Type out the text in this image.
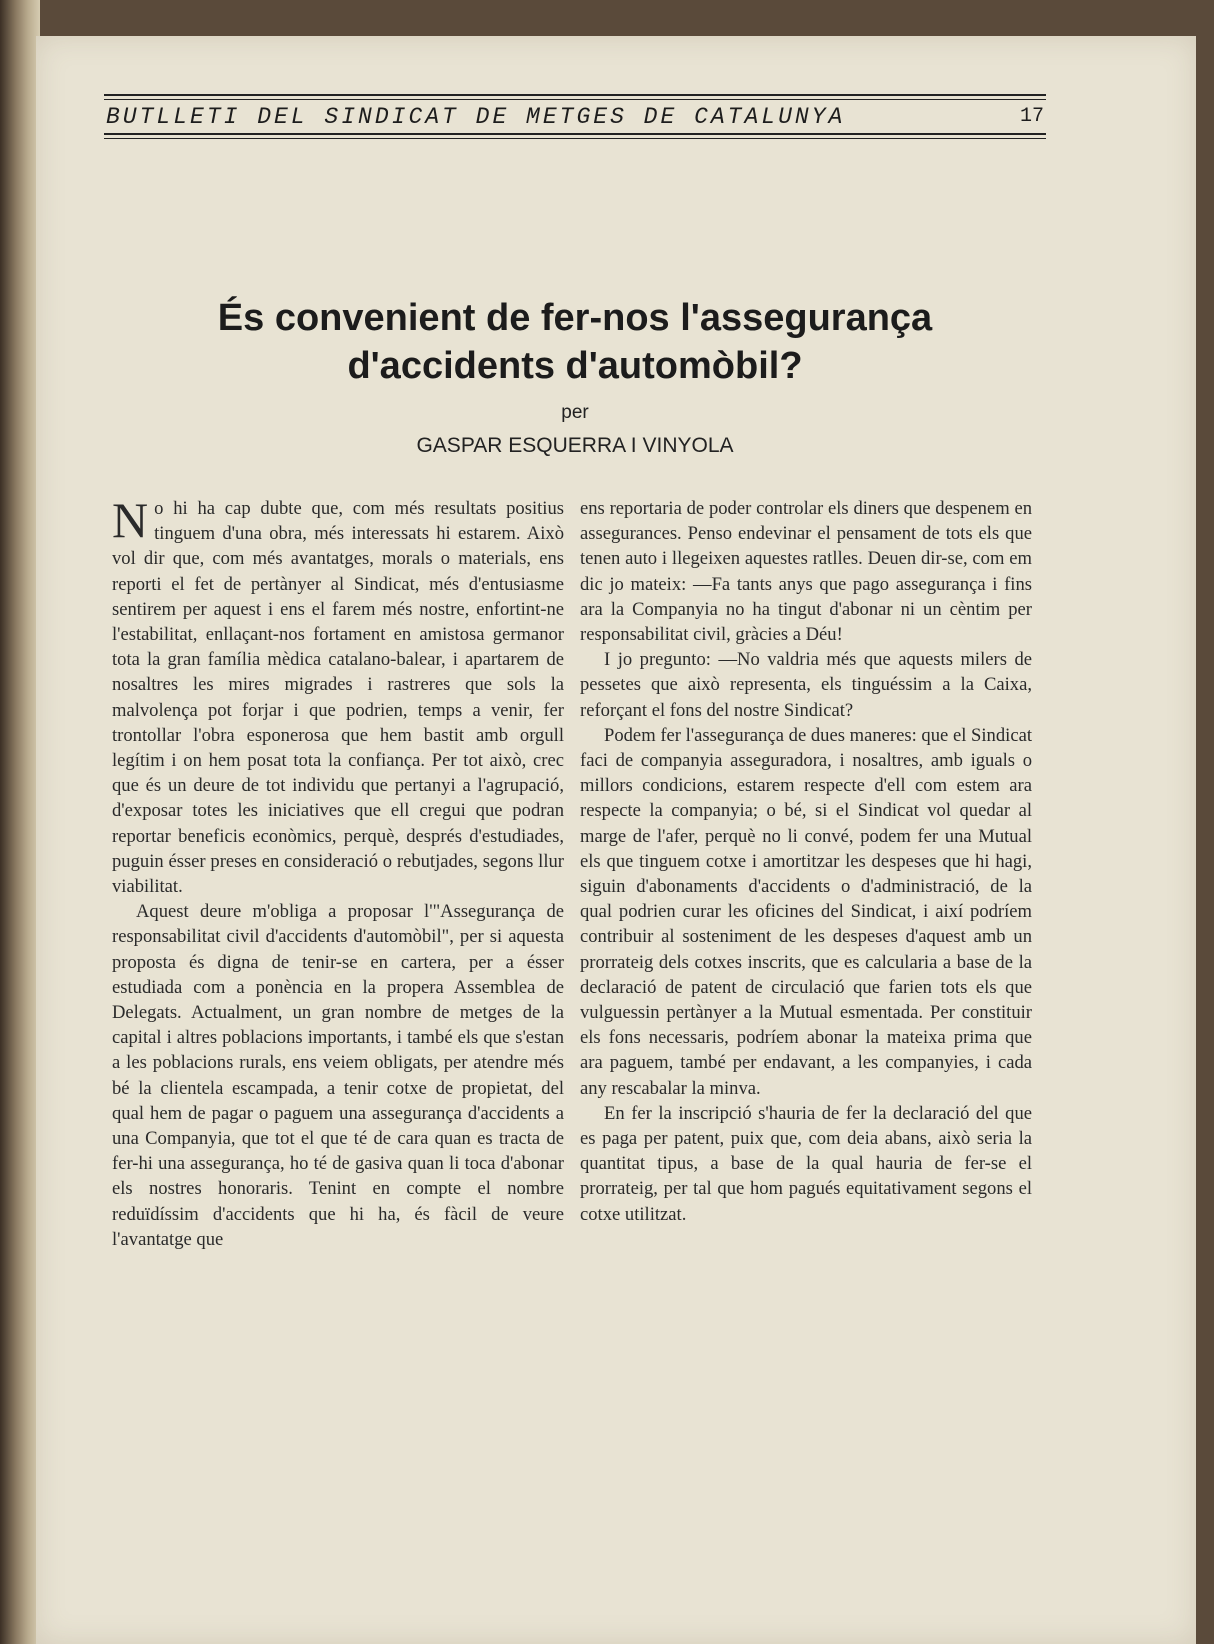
BUTLLETI DEL SINDICAT DE METGES DE CATALUNYA	17
És convenient de fer-nos l'assegurança
d'accidents d'automòbil?
per
GASPAR ESQUERRA I VINYOLA

No hi ha cap dubte que, com més resultats positius tinguem d'una obra, més interessats hi estarem. Això vol dir que, com més avantatges, morals o materials, ens reporti el fet de pertànyer al Sindicat, més d'entusiasme sentirem per aquest i ens el farem més nostre, enfortint-ne l'estabilitat, enllaçant-nos fortament en amistosa germanor tota la gran família mèdica catalano-balear, i apartarem de nosaltres les mires migrades i rastreres que sols la malvolença pot forjar i que podrien, temps a venir, fer trontollar l'obra esponerosa que hem bastit amb orgull legítim i on hem posat tota la confiança. Per tot això, crec que és un deure de tot individu que pertanyi a l'agrupació, d'exposar totes les iniciatives que ell cregui que podran reportar beneficis econòmics, perquè, després d'estudiades, puguin ésser preses en consideració o rebutjades, segons llur viabilitat.

Aquest deure m'obliga a proposar l'"Assegurança de responsabilitat civil d'accidents d'automòbil", per si aquesta proposta és digna de tenir-se en cartera, per a ésser estudiada com a ponència en la propera Assemblea de Delegats. Actualment, un gran nombre de metges de la capital i altres poblacions importants, i també els que s'estan a les poblacions rurals, ens veiem obligats, per atendre més bé la clientela escampada, a tenir cotxe de propietat, del qual hem de pagar o paguem una assegurança d'accidents a una Companyia, que tot el que té de cara quan es tracta de fer-hi una assegurança, ho té de gasiva quan li toca d'abonar els nostres honoraris. Tenint en compte el nombre reduïdíssim d'accidents que hi ha, és fàcil de veure l'avantatge que

ens reportaria de poder controlar els diners que despenem en assegurances. Penso endevinar el pensament de tots els que tenen auto i llegeixen aquestes ratlles. Deuen dir-se, com em dic jo mateix: —Fa tants anys que pago assegurança i fins ara la Companyia no ha tingut d'abonar ni un cèntim per responsabilitat civil, gràcies a Déu!

I jo pregunto: —No valdria més que aquests milers de pessetes que això representa, els tinguéssim a la Caixa, reforçant el fons del nostre Sindicat?

Podem fer l'assegurança de dues maneres: que el Sindicat faci de companyia asseguradora, i nosaltres, amb iguals o millors condicions, estarem respecte d'ell com estem ara respecte la companyia; o bé, si el Sindicat vol quedar al marge de l'afer, perquè no li convé, podem fer una Mutual els que tinguem cotxe i amortitzar les despeses que hi hagi, siguin d'abonaments d'accidents o d'administració, de la qual podrien curar les oficines del Sindicat, i així podríem contribuir al sosteniment de les despeses d'aquest amb un prorrateig dels cotxes inscrits, que es calcularia a base de la declaració de patent de circulació que farien tots els que vulguessin pertànyer a la Mutual esmentada. Per constituir els fons necessaris, podríem abonar la mateixa prima que ara paguem, també per endavant, a les companyies, i cada any rescabalar la minva.

En fer la inscripció s'hauria de fer la declaració del que es paga per patent, puix que, com deia abans, això seria la quantitat tipus, a base de la qual hauria de fer-se el prorrateig, per tal que hom pagués equitativament segons el cotxe utilitzat.
